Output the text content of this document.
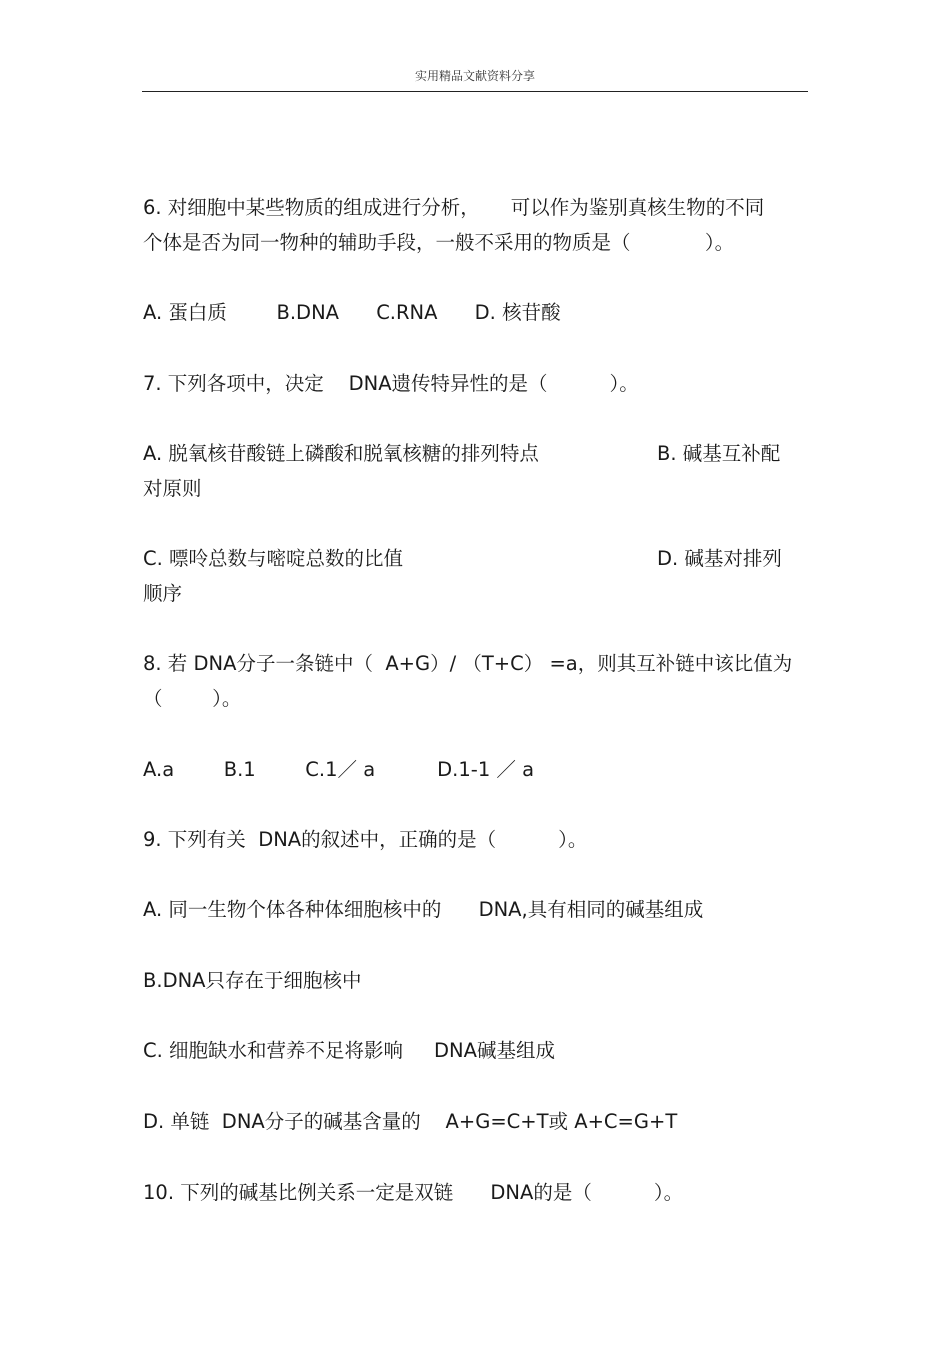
实用精品文献资料分享
6. 对细胞中某些物质的组成进行分析，     可以作为鉴别真核生物的不同
个体是否为同一物种的辅助手段，一般不采用的物质是（            ）。
A. 蛋白质        B.DNA      C.RNA      D. 核苷酸
7. 下列各项中，决定    DNA遗传特异性的是（          ）。
A. 脱氧核苷酸链上磷酸和脱氧核糖的排列特点	B. 碱基互补配
对原则
C. 嘌呤总数与嘧啶总数的比值	D. 碱基对排列
顺序
8. 若 DNA分子一条链中（  A+G）/ （T+C） =a，则其互补链中该比值为
（        ）。
A.a        B.1        C.1／ a          D.1-1 ／ a
9. 下列有关  DNA的叙述中，正确的是（          ）。
A. 同一生物个体各种体细胞核中的      DNA,具有相同的碱基组成
B.DNA只存在于细胞核中
C. 细胞缺水和营养不足将影响     DNA碱基组成
D. 单链  DNA分子的碱基含量的    A+G=C+T或 A+C=G+T
10. 下列的碱基比例关系一定是双链      DNA的是（          ）。
